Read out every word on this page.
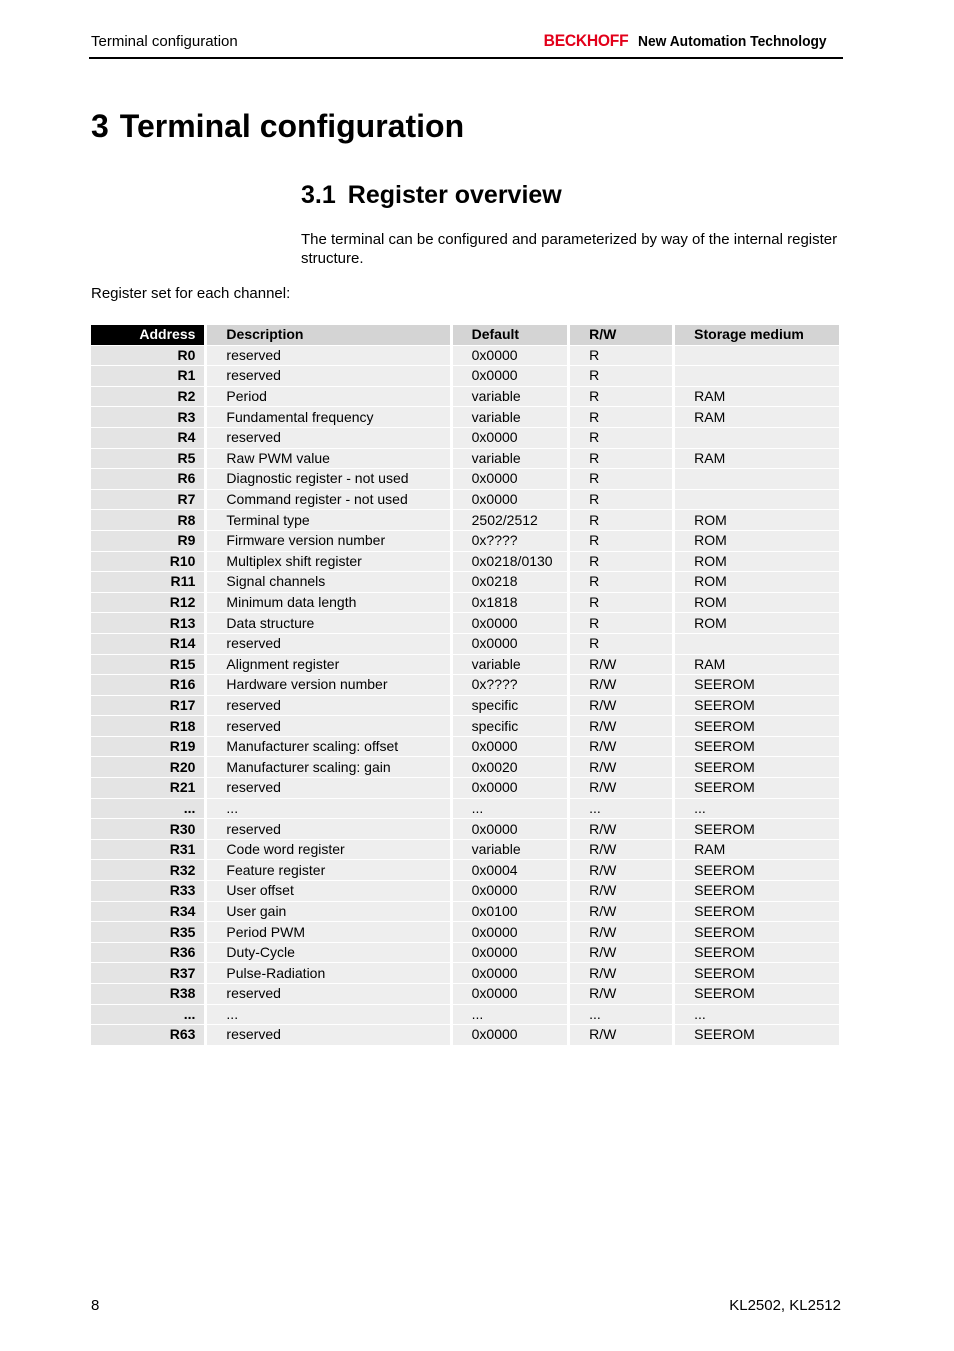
Terminal configuration	BECKHOFF New Automation Technology
3 Terminal configuration
3.1 Register overview
The terminal can be configured and parameterized by way of the internal register structure.
Register set for each channel:
Address	Description	Default	R/W	Storage medium
R0	reserved	0x0000	R	
R1	reserved	0x0000	R	
R2	Period	variable	R	RAM
R3	Fundamental frequency	variable	R	RAM
R4	reserved	0x0000	R	
R5	Raw PWM value	variable	R	RAM
R6	Diagnostic register - not used	0x0000	R	
R7	Command register - not used	0x0000	R	
R8	Terminal type	2502/2512	R	ROM
R9	Firmware version number	0x????	R	ROM
R10	Multiplex shift register	0x0218/0130	R	ROM
R11	Signal channels	0x0218	R	ROM
R12	Minimum data length	0x1818	R	ROM
R13	Data structure	0x0000	R	ROM
R14	reserved	0x0000	R	
R15	Alignment register	variable	R/W	RAM
R16	Hardware version number	0x????	R/W	SEEROM
R17	reserved	specific	R/W	SEEROM
R18	reserved	specific	R/W	SEEROM
R19	Manufacturer scaling: offset	0x0000	R/W	SEEROM
R20	Manufacturer scaling: gain	0x0020	R/W	SEEROM
R21	reserved	0x0000	R/W	SEEROM
...	...	...	...	...
R30	reserved	0x0000	R/W	SEEROM
R31	Code word register	variable	R/W	RAM
R32	Feature register	0x0004	R/W	SEEROM
R33	User offset	0x0000	R/W	SEEROM
R34	User gain	0x0100	R/W	SEEROM
R35	Period PWM	0x0000	R/W	SEEROM
R36	Duty-Cycle	0x0000	R/W	SEEROM
R37	Pulse-Radiation	0x0000	R/W	SEEROM
R38	reserved	0x0000	R/W	SEEROM
...	...	...	...	...
R63	reserved	0x0000	R/W	SEEROM
8	KL2502, KL2512
